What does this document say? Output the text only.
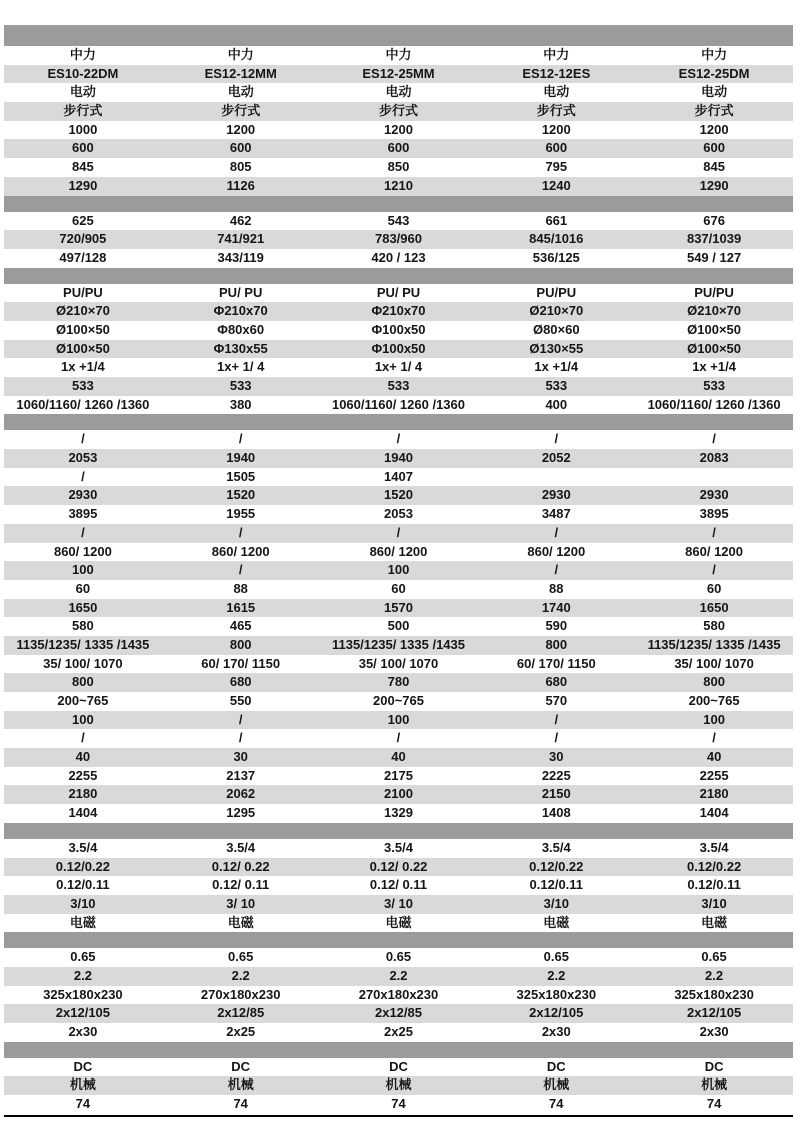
中力	中力	中力	中力	中力
ES10-22DM	ES12-12MM	ES12-25MM	ES12-12ES	ES12-25DM
电动	电动	电动	电动	电动
步行式	步行式	步行式	步行式	步行式
1000	1200	1200	1200	1200
600	600	600	600	600
845	805	850	795	845
1290	1126	1210	1240	1290
625	462	543	661	676
720/905	741/921	783/960	845/1016	837/1039
497/128	343/119	420 / 123	536/125	549 / 127
PU/PU	PU/ PU	PU/ PU	PU/PU	PU/PU
Ø210×70	Φ210x70	Φ210x70	Ø210×70	Ø210×70
Ø100×50	Φ80x60	Φ100x50	Ø80×60	Ø100×50
Ø100×50	Φ130x55	Φ100x50	Ø130×55	Ø100×50
1x +1/4	1x+ 1/ 4	1x+ 1/ 4	1x +1/4	1x +1/4
533	533	533	533	533
1060/1160/ 1260 /1360	380	1060/1160/ 1260 /1360	400	1060/1160/ 1260 /1360
/	/	/	/	/
2053	1940	1940	2052	2083
/	1505	1407
2930	1520	1520	2930	2930
3895	1955	2053	3487	3895
/	/	/	/	/
860/ 1200	860/ 1200	860/ 1200	860/ 1200	860/ 1200
100	/	100	/	/
60	88	60	88	60
1650	1615	1570	1740	1650
580	465	500	590	580
1135/1235/ 1335 /1435	800	1135/1235/ 1335 /1435	800	1135/1235/ 1335 /1435
35/ 100/ 1070	60/ 170/ 1150	35/ 100/ 1070	60/ 170/ 1150	35/ 100/ 1070
800	680	780	680	800
200~765	550	200~765	570	200~765
100	/	100	/	100
/	/	/	/	/
40	30	40	30	40
2255	2137	2175	2225	2255
2180	2062	2100	2150	2180
1404	1295	1329	1408	1404
3.5/4	3.5/4	3.5/4	3.5/4	3.5/4
0.12/0.22	0.12/ 0.22	0.12/ 0.22	0.12/0.22	0.12/0.22
0.12/0.11	0.12/ 0.11	0.12/ 0.11	0.12/0.11	0.12/0.11
3/10	3/ 10	3/ 10	3/10	3/10
电磁	电磁	电磁	电磁	电磁
0.65	0.65	0.65	0.65	0.65
2.2	2.2	2.2	2.2	2.2
325x180x230	270x180x230	270x180x230	325x180x230	325x180x230
2x12/105	2x12/85	2x12/85	2x12/105	2x12/105
2x30	2x25	2x25	2x30	2x30
DC	DC	DC	DC	DC
机械	机械	机械	机械	机械
74	74	74	74	74
